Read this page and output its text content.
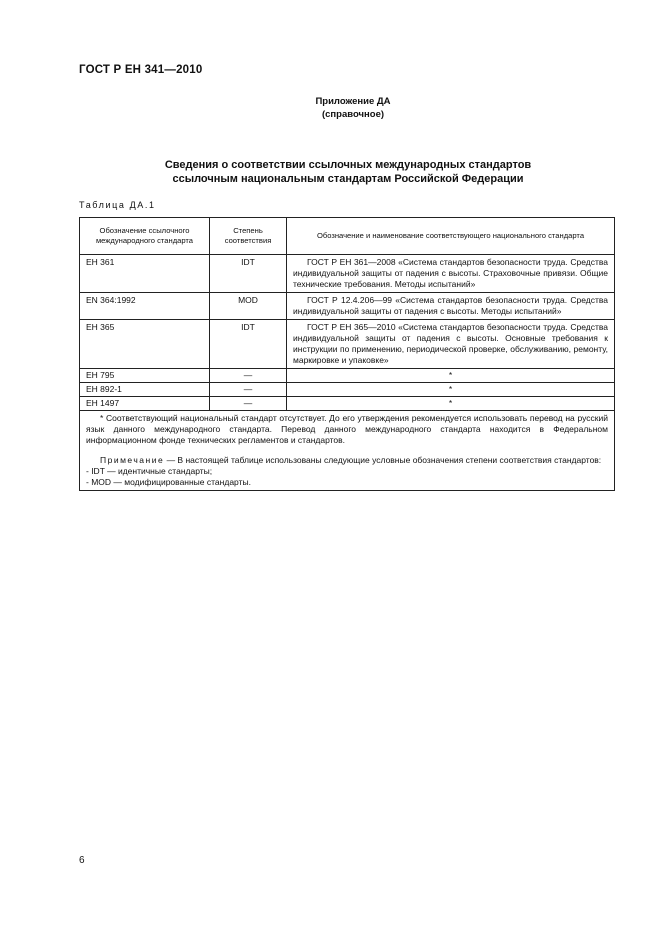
ГОСТ Р ЕН 341—2010
Приложение ДА
(справочное)
Сведения о соответствии ссылочных международных стандартов
ссылочным национальным стандартам Российской Федерации
Таблица ДА.1
Обозначение ссылочного международного стандарта	Степень соответствия	Обозначение и наименование соответствующего национального стандарта
ЕН 361	IDT	ГОСТ Р ЕН 361—2008 «Система стандартов безопасности труда. Средства индивидуальной защиты от падения с высоты. Страховочные привязи. Общие технические требования. Методы испытаний»

EN 364:1992	MOD	ГОСТ Р 12.4.206—99 «Система стандартов безопасности труда. Средства индивидуальной защиты от падения с высоты. Методы испытаний»

ЕН 365	IDT	ГОСТ Р ЕН 365—2010 «Система стандартов безопасности труда. Средства индивидуальной защиты от падения с высоты. Основные требования к инструкции по применению, периодической проверке, обслуживанию, ремонту, маркировке и упаковке»

ЕН 795	—	*
ЕН 892-1	—	*
ЕН 1497	—	*

* Соответствующий национальный стандарт отсутствует. До его утверждения рекомендуется использовать перевод на русский язык данного международного стандарта. Перевод данного международного стандарта находится в Федеральном информационном фонде технических регламентов и стандартов.

Примечание — В настоящей таблице использованы следующие условные обозначения степени соответствия стандартов:

- IDT — идентичные стандарты;

- MOD — модифицированные стандарты.		

6
